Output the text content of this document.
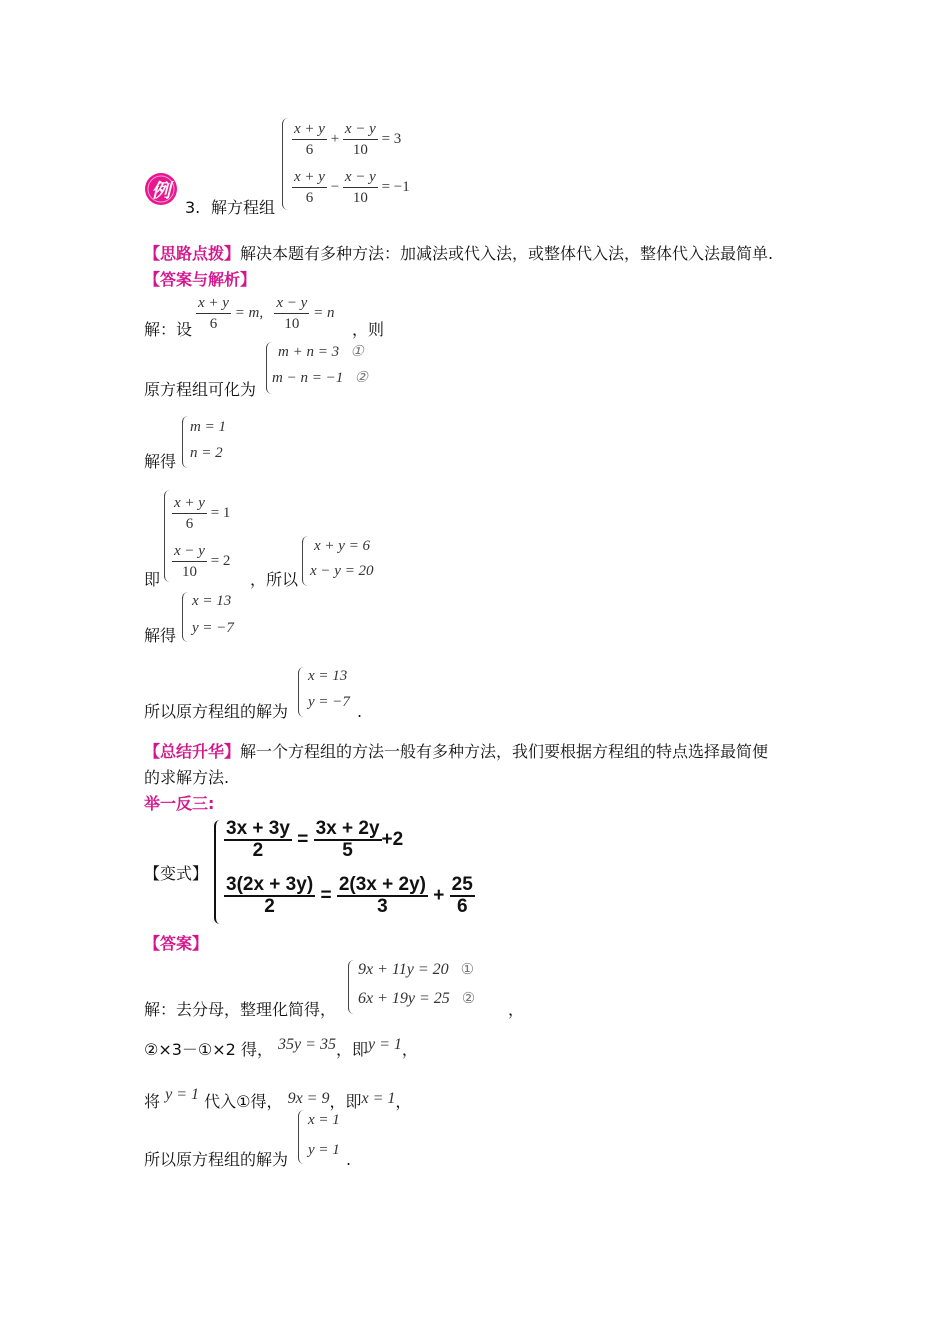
例
3. 解方程组
$\frac{x + y}{6} + \frac{x - y}{10} = 3$
$\frac{x + y}{6} - \frac{x - y}{10} = -1$
【思路点拨】解决本题有多种方法：加减法或代入法，或整体代入法，整体代入法最简单.
【答案与解析】
解：设 $\frac{x + y}{6} = m$, $\frac{x - y}{10} = n$
，则
原方程组可化为
m + n = 3 ①
m − n = −1 ②
解得
m = 1
n = 2
即
$\frac{x + y}{6} = 1$
$\frac{x - y}{10} = 2$
，所以
x + y = 6
x − y = 20
解得
x = 13
y = −7
所以原方程组的解为
x = 13
y = −7 .
【总结升华】解一个方程组的方法一般有多种方法，我们要根据方程组的特点选择最简便
的求解方法.
举一反三:
【变式】
$\frac{3x + 3y}{2} = \frac{3x + 2y}{5} +2$
$\frac{3(2x + 3y)}{2} = \frac{2(3x + 2y)}{3} + \frac{25}{6}$
【答案】
解：去分母，整理化简得，
9x + 11y = 20 ①
6x + 19y = 25 ②
，
②×3－①×2 得， 35y = 35，即y = 1，
将 y = 1 代入①得， 9x = 9，即x = 1，
所以原方程组的解为
x = 1
y = 1 .
